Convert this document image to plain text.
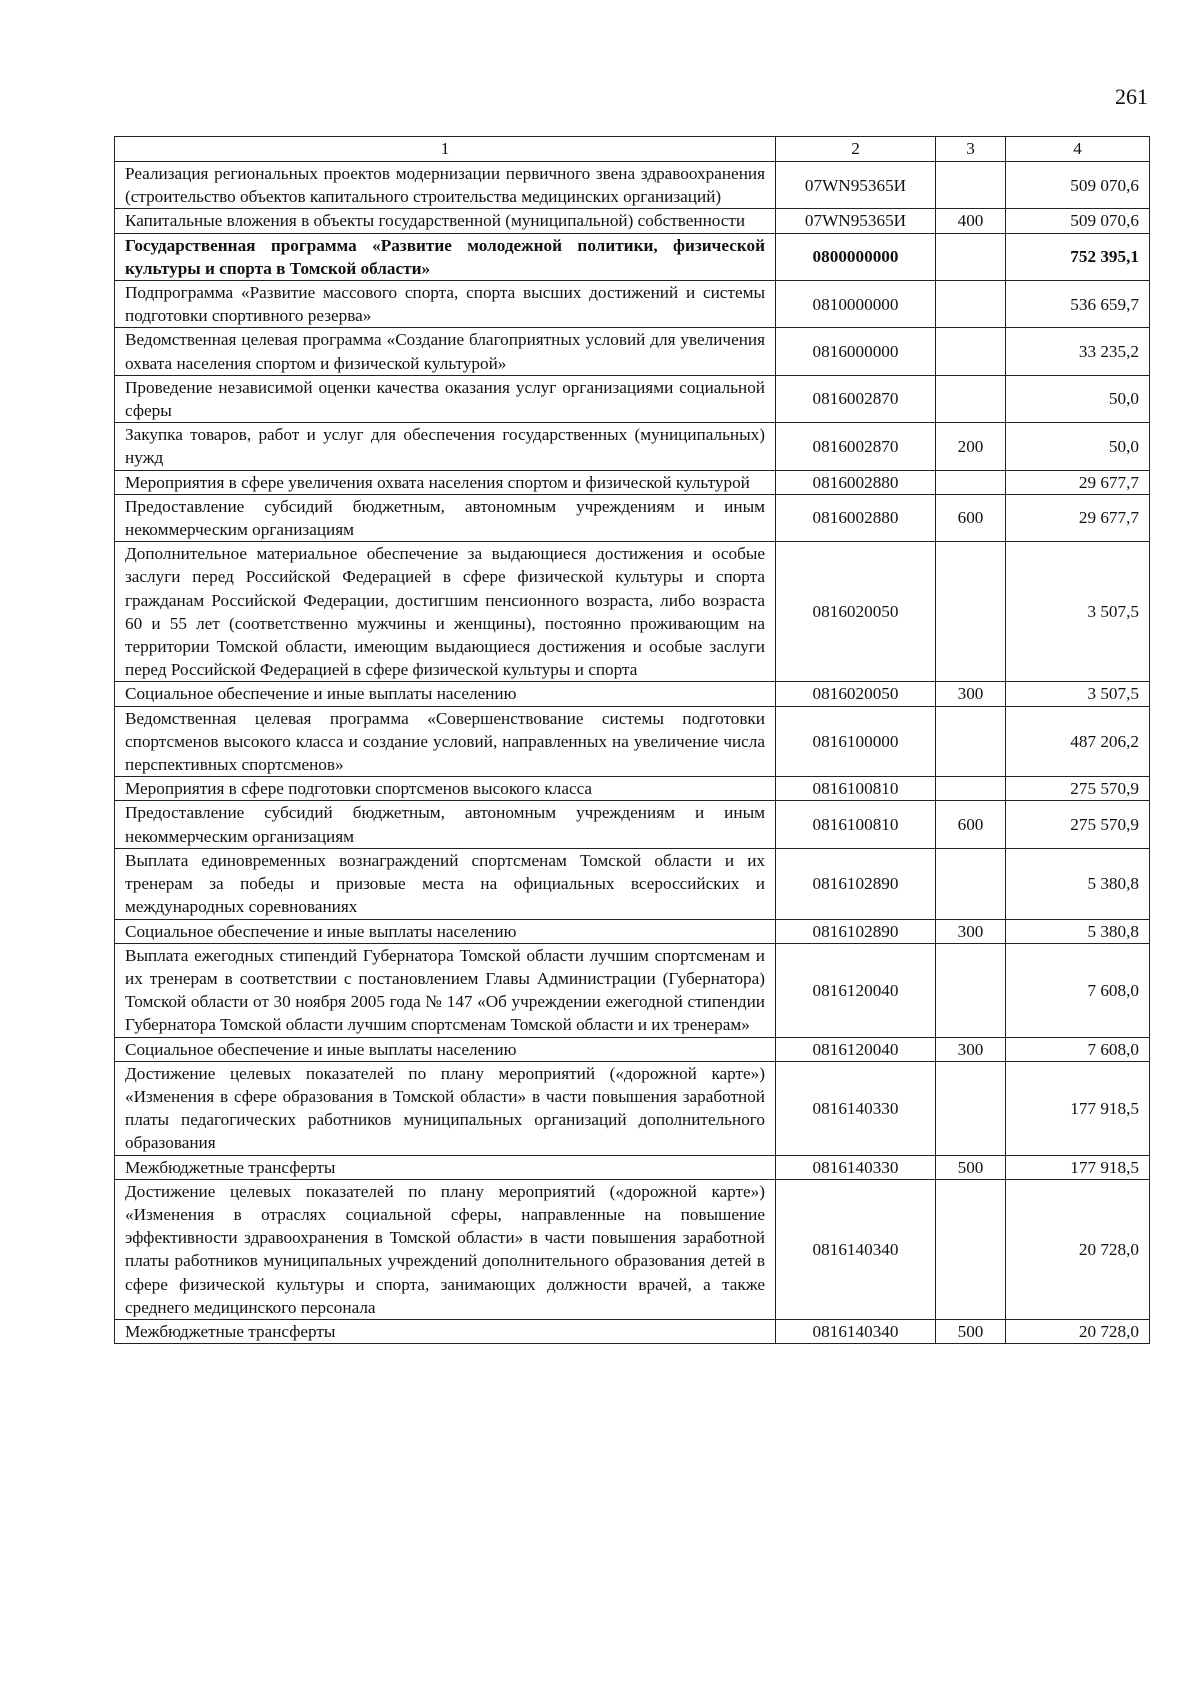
261
1	2	3	4
Реализация региональных проектов модернизации первичного звена здравоохранения (строительство объектов капитального строительства медицинских организаций)	07WN95365И		509 070,6
Капитальные вложения в объекты государственной (муниципальной) собственности	07WN95365И	400	509 070,6
Государственная программа «Развитие молодежной политики, физической культуры и спорта в Томской области»	0800000000		752 395,1
Подпрограмма «Развитие массового спорта, спорта высших достижений и системы подготовки спортивного резерва»	0810000000		536 659,7
Ведомственная целевая программа «Создание благоприятных условий для увеличения охвата населения спортом и физической культурой»	0816000000		33 235,2
Проведение независимой оценки качества оказания услуг организациями социальной сферы	0816002870		50,0
Закупка товаров, работ и услуг для обеспечения государственных (муниципальных) нужд	0816002870	200	50,0
Мероприятия в сфере увеличения охвата населения спортом и физической культурой	0816002880		29 677,7
Предоставление субсидий бюджетным, автономным учреждениям и иным некоммерческим организациям	0816002880	600	29 677,7
Дополнительное материальное обеспечение за выдающиеся достижения и особые заслуги перед Российской Федерацией в сфере физической культуры и спорта гражданам Российской Федерации, достигшим пенсионного возраста, либо возраста 60 и 55 лет (соответственно мужчины и женщины), постоянно проживающим на территории Томской области, имеющим выдающиеся достижения и особые заслуги перед Российской Федерацией в сфере физической культуры и спорта	0816020050		3 507,5
Социальное обеспечение и иные выплаты населению	0816020050	300	3 507,5
Ведомственная целевая программа «Совершенствование системы подготовки спортсменов высокого класса и создание условий, направленных на увеличение числа перспективных спортсменов»	0816100000		487 206,2
Мероприятия в сфере подготовки спортсменов высокого класса	0816100810		275 570,9
Предоставление субсидий бюджетным, автономным учреждениям и иным некоммерческим организациям	0816100810	600	275 570,9
Выплата единовременных вознаграждений спортсменам Томской области и их тренерам за победы и призовые места на официальных всероссийских и международных соревнованиях	0816102890		5 380,8
Социальное обеспечение и иные выплаты населению	0816102890	300	5 380,8
Выплата ежегодных стипендий Губернатора Томской области лучшим спортсменам и их тренерам в соответствии с постановлением Главы Администрации (Губернатора) Томской области от 30 ноября 2005 года № 147 «Об учреждении ежегодной стипендии Губернатора Томской области лучшим спортсменам Томской области и их тренерам»	0816120040		7 608,0
Социальное обеспечение и иные выплаты населению	0816120040	300	7 608,0
Достижение целевых показателей по плану мероприятий («дорожной карте») «Изменения в сфере образования в Томской области» в части повышения заработной платы педагогических работников муниципальных организаций дополнительного образования	0816140330		177 918,5
Межбюджетные трансферты	0816140330	500	177 918,5
Достижение целевых показателей по плану мероприятий («дорожной карте») «Изменения в отраслях социальной сферы, направленные на повышение эффективности здравоохранения в Томской области» в части повышения заработной платы работников муниципальных учреждений дополнительного образования детей в сфере физической культуры и спорта, занимающих должности врачей, а также среднего медицинского персонала	0816140340		20 728,0
Межбюджетные трансферты	0816140340	500	20 728,0
